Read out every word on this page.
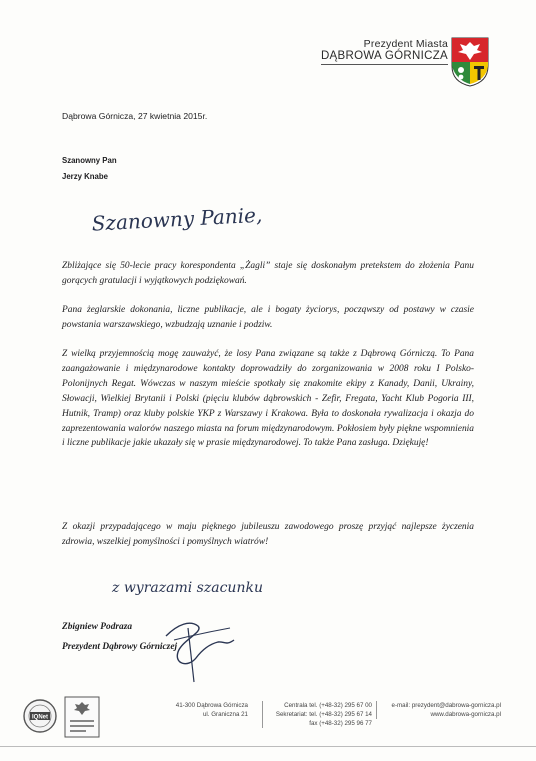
Prezydent Miasta
DĄBROWA GÓRNICZA
Dąbrowa Górnicza, 27 kwietnia 2015r.
Szanowny Pan
Jerzy Knabe
Szanowny Panie,
Zbliżające się 50-lecie pracy korespondenta „Żagli” staje się doskonałym pretekstem do złożenia Panu gorących gratulacji i wyjątkowych podziękowań.
Pana żeglarskie dokonania, liczne publikacje, ale i bogaty życiorys, począwszy od postawy w czasie powstania warszawskiego, wzbudzają uznanie i podziw.
Z wielką przyjemnością mogę zauważyć, że losy Pana związane są także z Dąbrową Górniczą. To Pana zaangażowanie i międzynarodowe kontakty doprowadziły do zorganizowania w 2008 roku I Polsko-Polonijnych Regat. Wówczas w naszym mieście spotkały się znakomite ekipy z Kanady, Danii, Ukrainy, Słowacji, Wielkiej Brytanii i Polski (pięciu klubów dąbrowskich - Zefir, Fregata, Yacht Klub Pogoria III, Hutnik, Tramp) oraz kluby polskie YKP z Warszawy i Krakowa. Była to doskonała rywalizacja i okazja do zaprezentowania walorów naszego miasta na forum międzynarodowym. Pokłosiem były piękne wspomnienia i liczne publikacje jakie ukazały się w prasie międzynarodowej. To także Pana zasługa. Dziękuję!
Z okazji przypadającego w maju pięknego jubileuszu zawodowego proszę przyjąć najlepsze życzenia zdrowia, wszelkiej pomyślności i pomyślnych wiatrów!
z wyrazami szacunku
Zbigniew Podraza
Prezydent Dąbrowy Górniczej
IQNet
41-300 Dąbrowa Górnicza
ul. Graniczna 21
Centrala tel. (+48-32) 295 67 00
Sekretariat: tel. (+48-32) 295 67 14
fax (+48-32) 295 96 77
e-mail: prezydent@dabrowa-gornicza.pl
www.dabrowa-gornicza.pl
